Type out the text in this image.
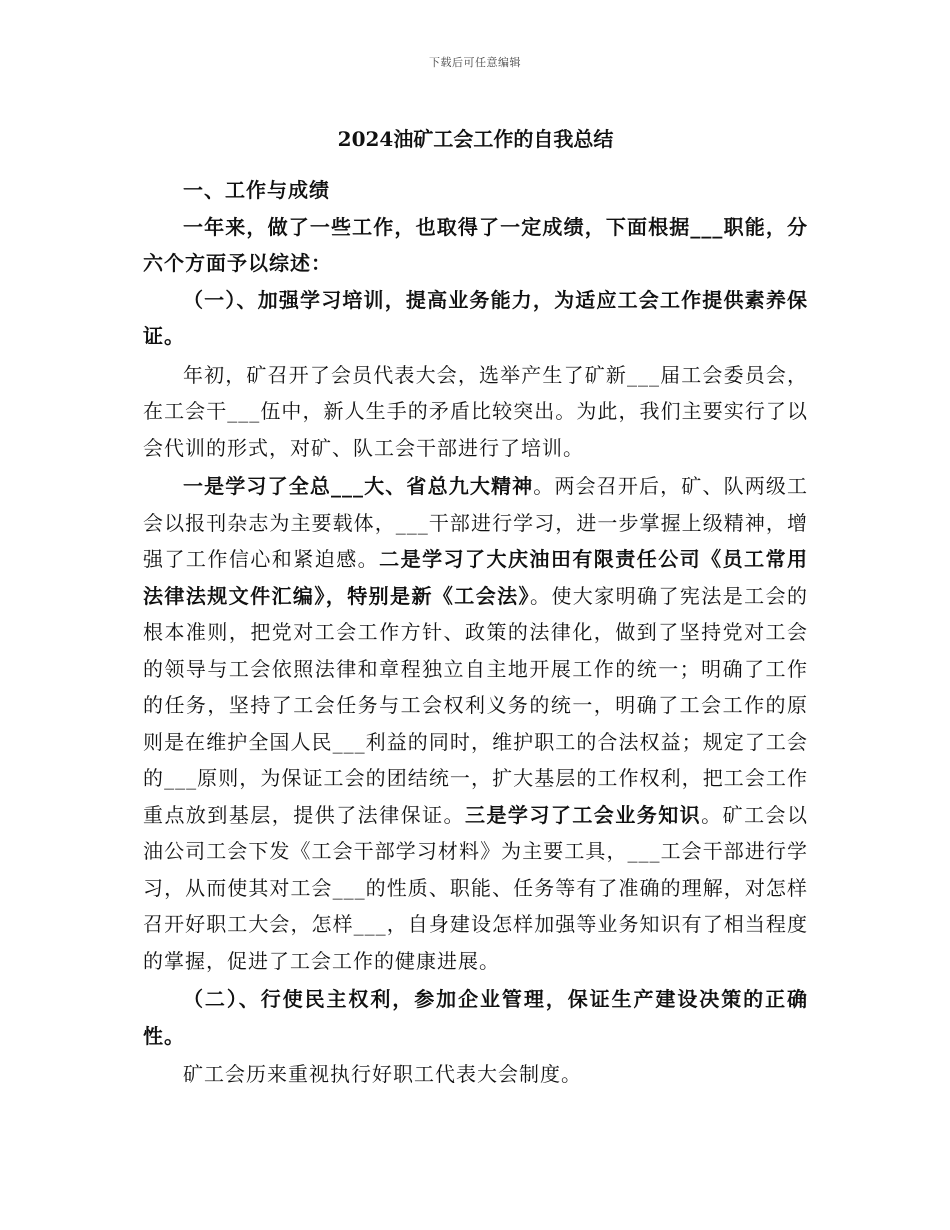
下载后可任意编辑
2024油矿工会工作的自我总结

一、工作与成绩

一年来，做了一些工作，也取得了一定成绩，下面根据___职能，分六个方面予以综述：

（一）、加强学习培训，提高业务能力，为适应工会工作提供素养保证。

年初，矿召开了会员代表大会，选举产生了矿新___届工会委员会，在工会干___伍中，新人生手的矛盾比较突出。为此，我们主要实行了以会代训的形式，对矿、队工会干部进行了培训。

一是学习了全总___大、省总九大精神。两会召开后，矿、队两级工会以报刊杂志为主要载体，___干部进行学习，进一步掌握上级精神，增强了工作信心和紧迫感。二是学习了大庆油田有限责任公司《员工常用法律法规文件汇编》，特别是新《工会法》。使大家明确了宪法是工会的根本准则，把党对工会工作方针、政策的法律化，做到了坚持党对工会的领导与工会依照法律和章程独立自主地开展工作的统一；明确了工作的任务，坚持了工会任务与工会权利义务的统一，明确了工会工作的原则是在维护全国人民___利益的同时，维护职工的合法权益；规定了工会的___原则，为保证工会的团结统一，扩大基层的工作权利，把工会工作重点放到基层，提供了法律保证。三是学习了工会业务知识。矿工会以油公司工会下发《工会干部学习材料》为主要工具，___工会干部进行学习，从而使其对工会___的性质、职能、任务等有了准确的理解，对怎样召开好职工大会，怎样___，自身建设怎样加强等业务知识有了相当程度的掌握，促进了工会工作的健康进展。

（二）、行使民主权利，参加企业管理，保证生产建设决策的正确性。

矿工会历来重视执行好职工代表大会制度。
